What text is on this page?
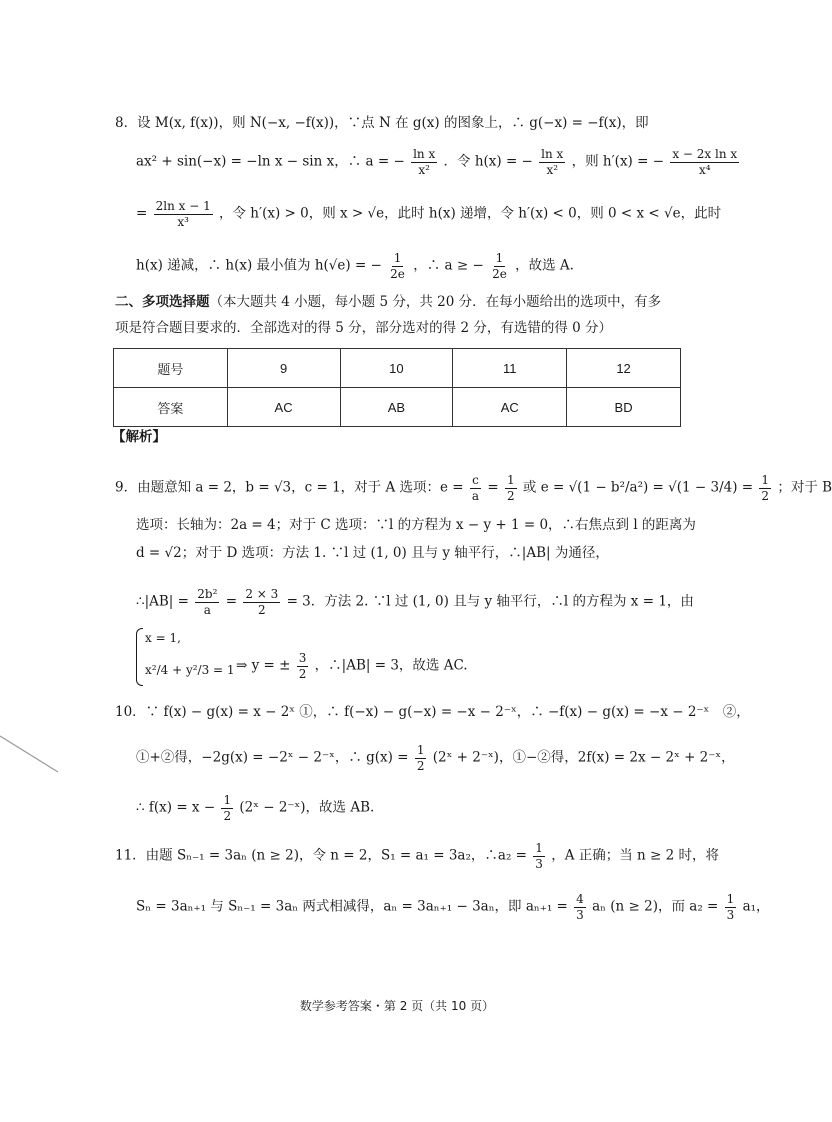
8．设 M(x, f(x))，则 N(−x, −f(x))，∵点 N 在 g(x) 的图象上，∴ g(−x) = −f(x)，即
ax² + sin(−x) = −ln x − sin x，∴ a = − $\frac{\text{ln x}}{\text{x²}}$ ．令 h(x) = − $\frac{\text{ln x}}{\text{x²}}$ ，则 h′(x) = − $\frac{\text{x − 2x ln x}}{\text{x⁴}}$
= $\frac{\text{2ln x − 1}}{\text{x³}}$ ，令 h′(x) > 0，则 x > √e，此时 h(x) 递增，令 h′(x) < 0，则 0 < x < √e，此时
h(x) 递减，∴ h(x) 最小值为 h(√e) = − $\frac{1}{2e}$ ，∴ a ≥ − $\frac{1}{2e}$ ，故选 A.
二、多项选择题（本大题共 4 小题，每小题 5 分，共 20 分．在每小题给出的选项中，有多
项是符合题目要求的．全部选对的得 5 分，部分选对的得 2 分，有选错的得 0 分）
题号	9	10	11	12
答案	AC	AB	AC	BD
【解析】
9．由题意知 a = 2，b = √3，c = 1，对于 A 选项：$e = \frac{c}{a} = \frac{1}{2}$ 或 $e = √(1 - b^2/a^2) = √(1 - 3/4) = \frac{1}{2}$ ；对于 B
选项：长轴为：2a = 4；对于 C 选项：∵l 的方程为 x − y + 1 = 0，∴右焦点到 l 的距离为
d = √2；对于 D 选项：方法 1. ∵l 过 (1, 0) 且与 y 轴平行，∴|AB| 为通径，
∴|AB| = $\frac{\text{2b²}}{a} = \frac{2 \times 3}{2} = 3$．方法 2. ∵l 过 (1, 0) 且与 y 轴平行，∴l 的方程为 x = 1，由
x = 1,
x²/4 + y²/3 = 1 ⇒ y = ± $\frac{3}{2}$ ，∴|AB| = 3，故选 AC.
10．∵ f(x) − g(x) = x − 2ˣ ①，∴ f(−x) − g(−x) = −x − 2⁻ˣ，∴ −f(x) − g(x) = −x − 2⁻ˣ　②，
①+②得，−2g(x) = −2ˣ − 2⁻ˣ，∴ $g(x) = \frac{1}{2}$ (2ˣ + 2⁻ˣ)，①−②得，2f(x) = 2x − 2ˣ + 2⁻ˣ，
∴ $f(x) = x - \frac{1}{2}$ (2ˣ − 2⁻ˣ)，故选 AB.
11．由题 Sₙ₋₁ = 3aₙ (n ≥ 2)，令 n = 2，S₁ = a₁ = 3a₂，∴a₂ = $\frac{1}{3}$ ，A 正确；当 n ≥ 2 时，将
Sₙ = 3aₙ₊₁ 与 Sₙ₋₁ = 3aₙ 两式相减得，aₙ = 3aₙ₊₁ − 3aₙ，即 $a_{n+1} = \frac{4}{3}$ aₙ (n ≥ 2)，而 $a_2 = \frac{1}{3} a_1$，
数学参考答案・第 2 页（共 10 页）
